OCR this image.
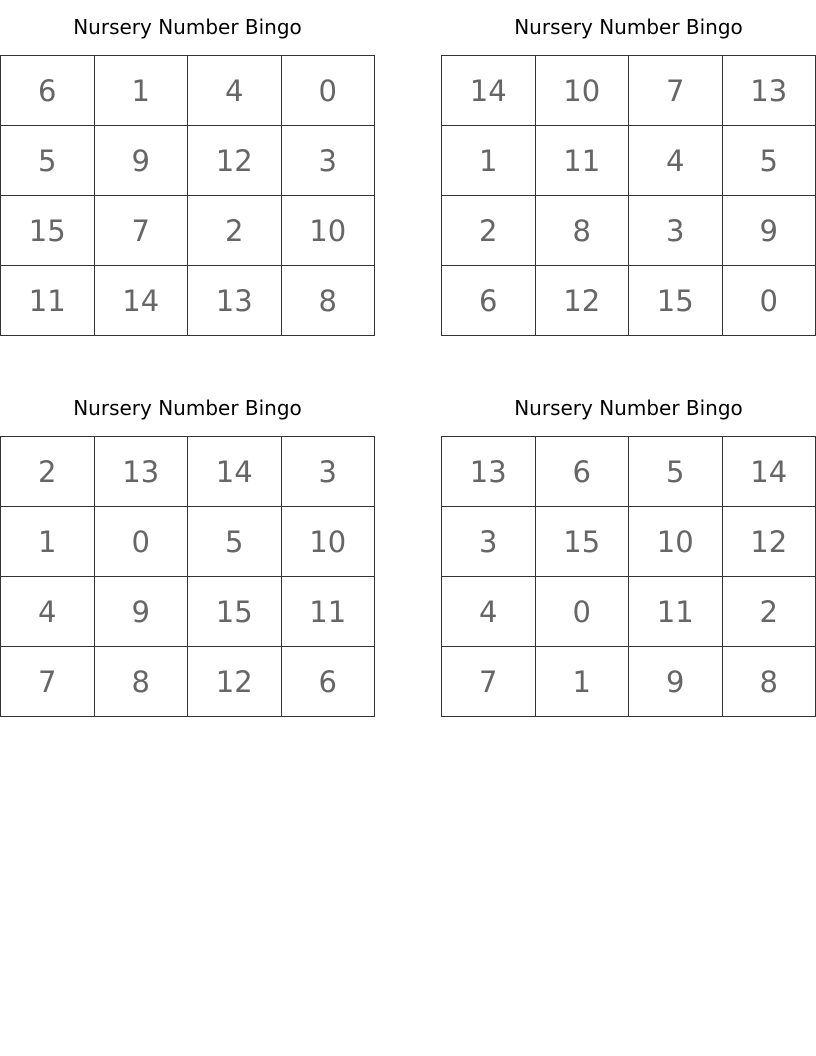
Nursery Number Bingo
6	1	4	0
5	9	12	3
15	7	2	10
11	14	13	8
Nursery Number Bingo
14	10	7	13
1	11	4	5
2	8	3	9
6	12	15	0
Nursery Number Bingo
2	13	14	3
1	0	5	10
4	9	15	11
7	8	12	6
Nursery Number Bingo
13	6	5	14
3	15	10	12
4	0	11	2
7	1	9	8
